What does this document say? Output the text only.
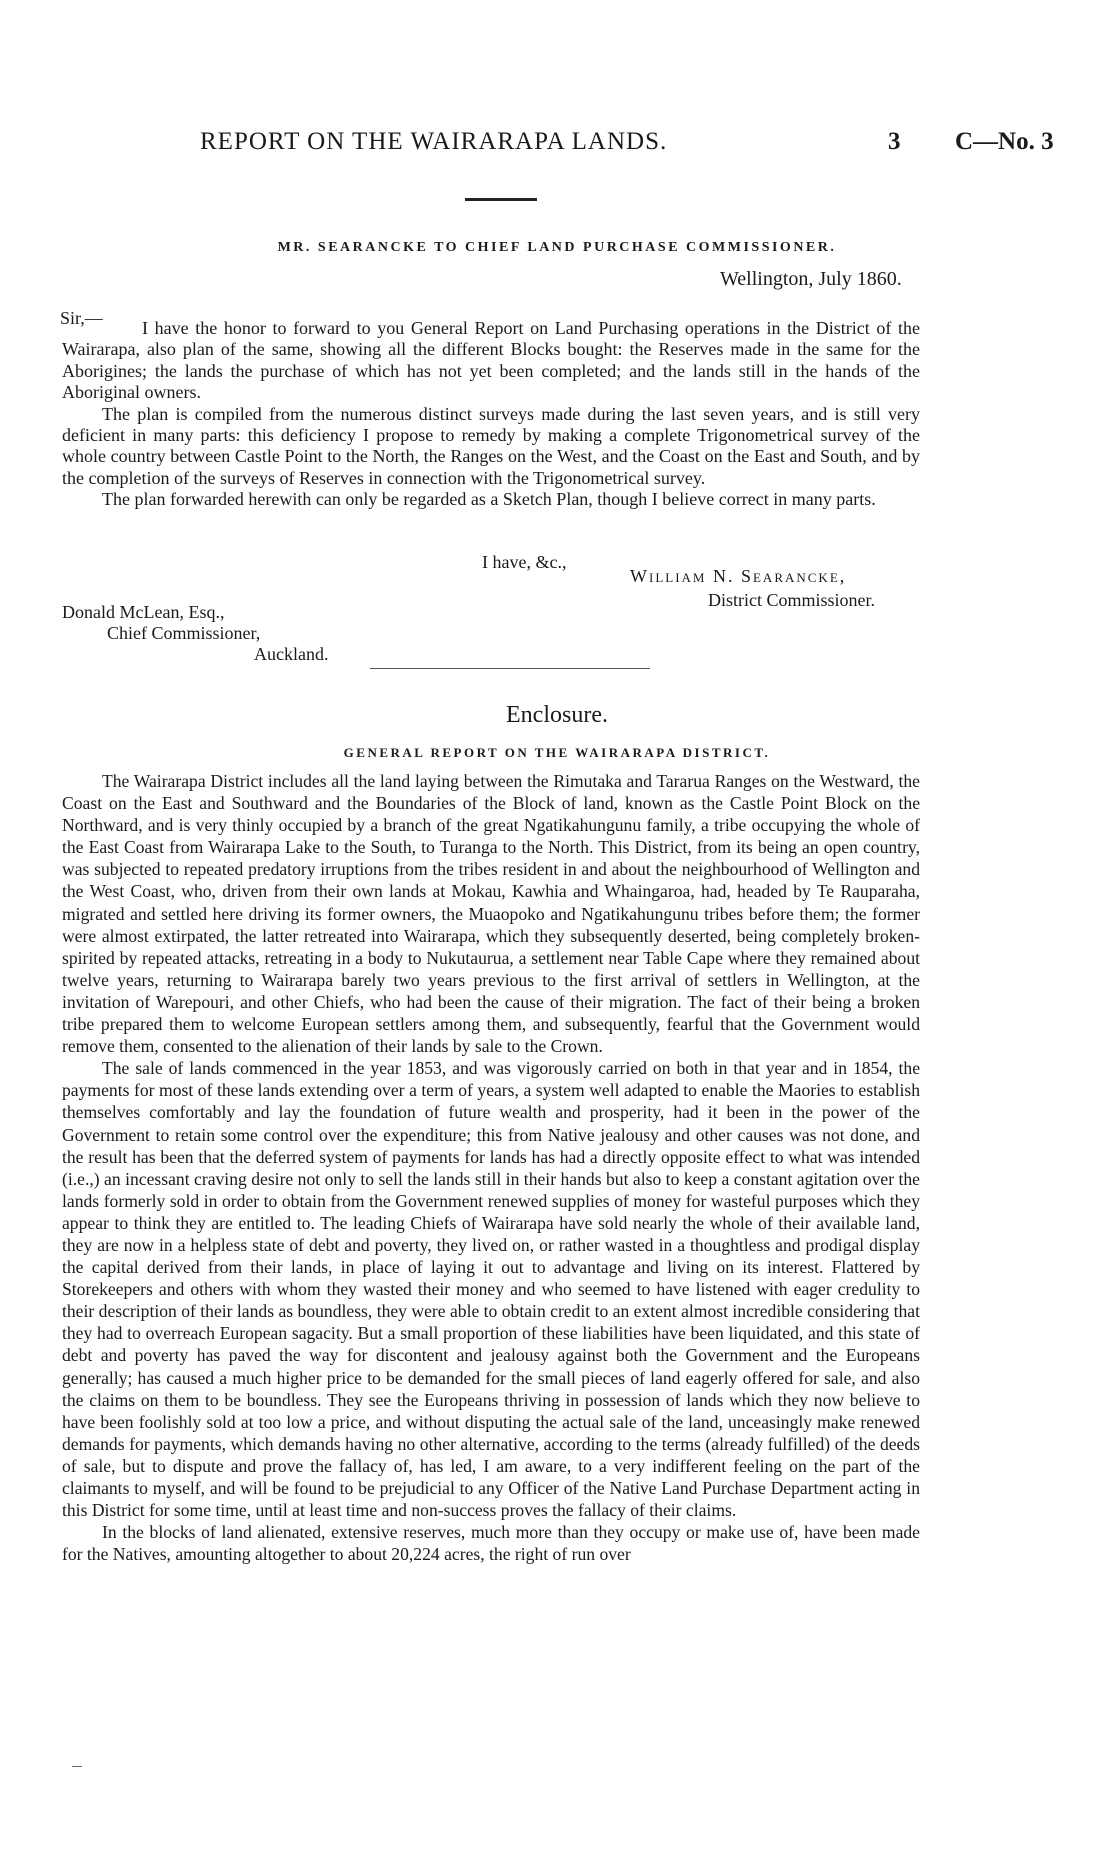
REPORT ON THE WAIRARAPA LANDS.	3 C—No. 3
MR. SEARANCKE TO CHIEF LAND PURCHASE COMMISSIONER.
Wellington, July 1860.
Sir,—	I have the honor to forward to you General Report on Land Purchasing operations in the District of the Wairarapa, also plan of the same, showing all the different Blocks bought: the Reserves made in the same for the Aborigines; the lands the purchase of which has not yet been completed; and the lands still in the hands of the Aboriginal owners.

The plan is compiled from the numerous distinct surveys made during the last seven years, and is still very deficient in many parts: this deficiency I propose to remedy by making a complete Trigonometrical survey of the whole country between Castle Point to the North, the Ranges on the West, and the Coast on the East and South, and by the completion of the surveys of Reserves in connection with the Trigonometrical survey.

The plan forwarded herewith can only be regarded as a Sketch Plan, though I believe correct in many parts.

I have, &c.,
William N. Searancke,
District Commissioner.
Donald McLean, Esq.,
Chief Commissioner,
Auckland.
Enclosure.
GENERAL REPORT ON THE WAIRARAPA DISTRICT.

The Wairarapa District includes all the land laying between the Rimutaka and Tararua Ranges on the Westward, the Coast on the East and Southward and the Boundaries of the Block of land, known as the Castle Point Block on the Northward, and is very thinly occupied by a branch of the great Ngatikahungunu family, a tribe occupying the whole of the East Coast from Wairarapa Lake to the South, to Turanga to the North. This District, from its being an open country, was subjected to repeated predatory irruptions from the tribes resident in and about the neighbourhood of Wellington and the West Coast, who, driven from their own lands at Mokau, Kawhia and Whaingaroa, had, headed by Te Rauparaha, migrated and settled here driving its former owners, the Muaopoko and Ngatikahungunu tribes before them; the former were almost extirpated, the latter retreated into Wairarapa, which they subsequently deserted, being completely broken-spirited by repeated attacks, retreating in a body to Nukutaurua, a settlement near Table Cape where they remained about twelve years, returning to Wairarapa barely two years previous to the first arrival of settlers in Wellington, at the invitation of Warepouri, and other Chiefs, who had been the cause of their migration. The fact of their being a broken tribe prepared them to welcome European settlers among them, and subsequently, fearful that the Government would remove them, consented to the alienation of their lands by sale to the Crown.

The sale of lands commenced in the year 1853, and was vigorously carried on both in that year and in 1854, the payments for most of these lands extending over a term of years, a system well adapted to enable the Maories to establish themselves comfortably and lay the foundation of future wealth and prosperity, had it been in the power of the Government to retain some control over the expenditure; this from Native jealousy and other causes was not done, and the result has been that the deferred system of payments for lands has had a directly opposite effect to what was intended (i.e.,) an incessant craving desire not only to sell the lands still in their hands but also to keep a constant agitation over the lands formerly sold in order to obtain from the Government renewed supplies of money for wasteful purposes which they appear to think they are entitled to. The leading Chiefs of Wairarapa have sold nearly the whole of their available land, they are now in a helpless state of debt and poverty, they lived on, or rather wasted in a thoughtless and prodigal display the capital derived from their lands, in place of laying it out to advantage and living on its interest. Flattered by Storekeepers and others with whom they wasted their money and who seemed to have listened with eager credulity to their description of their lands as boundless, they were able to obtain credit to an extent almost incredible considering that they had to overreach European sagacity. But a small proportion of these liabilities have been liquidated, and this state of debt and poverty has paved the way for discontent and jealousy against both the Government and the Europeans generally; has caused a much higher price to be demanded for the small pieces of land eagerly offered for sale, and also the claims on them to be boundless. They see the Europeans thriving in possession of lands which they now believe to have been foolishly sold at too low a price, and without disputing the actual sale of the land, unceasingly make renewed demands for payments, which demands having no other alternative, according to the terms (already fulfilled) of the deeds of sale, but to dispute and prove the fallacy of, has led, I am aware, to a very indifferent feeling on the part of the claimants to myself, and will be found to be prejudicial to any Officer of the Native Land Purchase Department acting in this District for some time, until at least time and non-success proves the fallacy of their claims.

In the blocks of land alienated, extensive reserves, much more than they occupy or make use of, have been made for the Natives, amounting altogether to about 20,224 acres, the right of run over
